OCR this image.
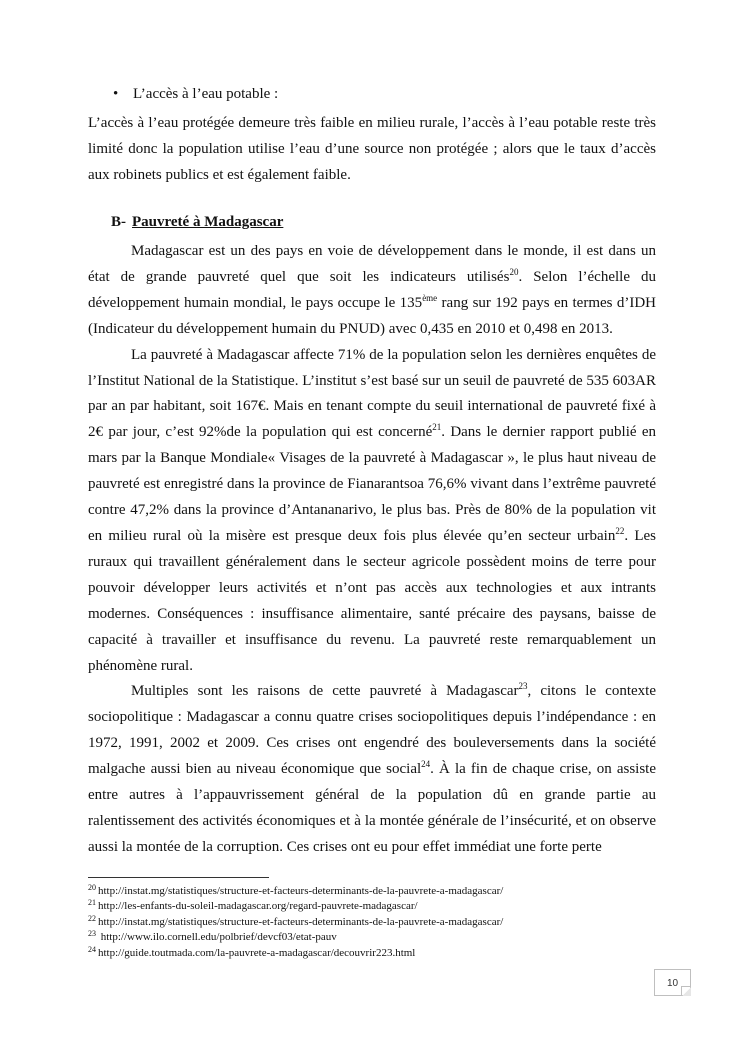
• L’accès à l’eau potable :
L’accès à l’eau protégée demeure très faible en milieu rurale, l’accès à l’eau potable reste très limité donc la population utilise l’eau d’une source non protégée ; alors que le taux d’accès aux robinets publics et est également faible.
B- Pauvreté à Madagascar

Madagascar est un des pays en voie de développement dans le monde, il est dans un état de grande pauvreté quel que soit les indicateurs utilisés$^{20}$. Selon l’échelle du développement humain mondial, le pays occupe le 135ème rang sur 192 pays en termes d’IDH (Indicateur du développement humain du PNUD) avec 0,435 en 2010 et 0,498 en 2013.

La pauvreté à Madagascar affecte 71% de la population selon les dernières enquêtes de l’Institut National de la Statistique. L’institut s’est basé sur un seuil de pauvreté de 535 603AR par an par habitant, soit 167€. Mais en tenant compte du seuil international de pauvreté fixé à 2€ par jour, c’est 92%de la population qui est concerné$^{21}$. Dans le dernier rapport publié en mars par la Banque Mondiale« Visages de la pauvreté à Madagascar », le plus haut niveau de pauvreté est enregistré dans la province de Fianarantsoa 76,6% vivant dans l’extrême pauvreté contre 47,2% dans la province d’Antananarivo, le plus bas. Près de 80% de la population vit en milieu rural où la misère est presque deux fois plus élevée qu’en secteur urbain$^{22}$. Les ruraux qui travaillent généralement dans le secteur agricole possèdent moins de terre pour pouvoir développer leurs activités et n’ont pas accès aux technologies et aux intrants modernes. Conséquences : insuffisance alimentaire, santé précaire des paysans, baisse de capacité à travailler et insuffisance du revenu. La pauvreté reste remarquablement un phénomène rural.

Multiples sont les raisons de cette pauvreté à Madagascar$^{23}$, citons le contexte sociopolitique : Madagascar a connu quatre crises sociopolitiques depuis l’indépendance : en 1972, 1991, 2002 et 2009. Ces crises ont engendré des bouleversements dans la société malgache aussi bien au niveau économique que social$^{24}$. À la fin de chaque crise, on assiste entre autres à l’appauvrissement général de la population dû en grande partie au ralentissement des activités économiques et à la montée générale de l’insécurité, et on observe aussi la montée de la corruption. Ces crises ont eu pour effet immédiat une forte perte

$^{20}$ http://instat.mg/statistiques/structure-et-facteurs-determinants-de-la-pauvrete-a-madagascar/
$^{21}$ http://les-enfants-du-soleil-madagascar.org/regard-pauvrete-madagascar/
$^{22}$ http://instat.mg/statistiques/structure-et-facteurs-determinants-de-la-pauvrete-a-madagascar/
$^{23}$ http://www.ilo.cornell.edu/polbrief/devcf03/etat-pauv
$^{24}$ http://guide.toutmada.com/la-pauvrete-a-madagascar/decouvrir223.html
10
